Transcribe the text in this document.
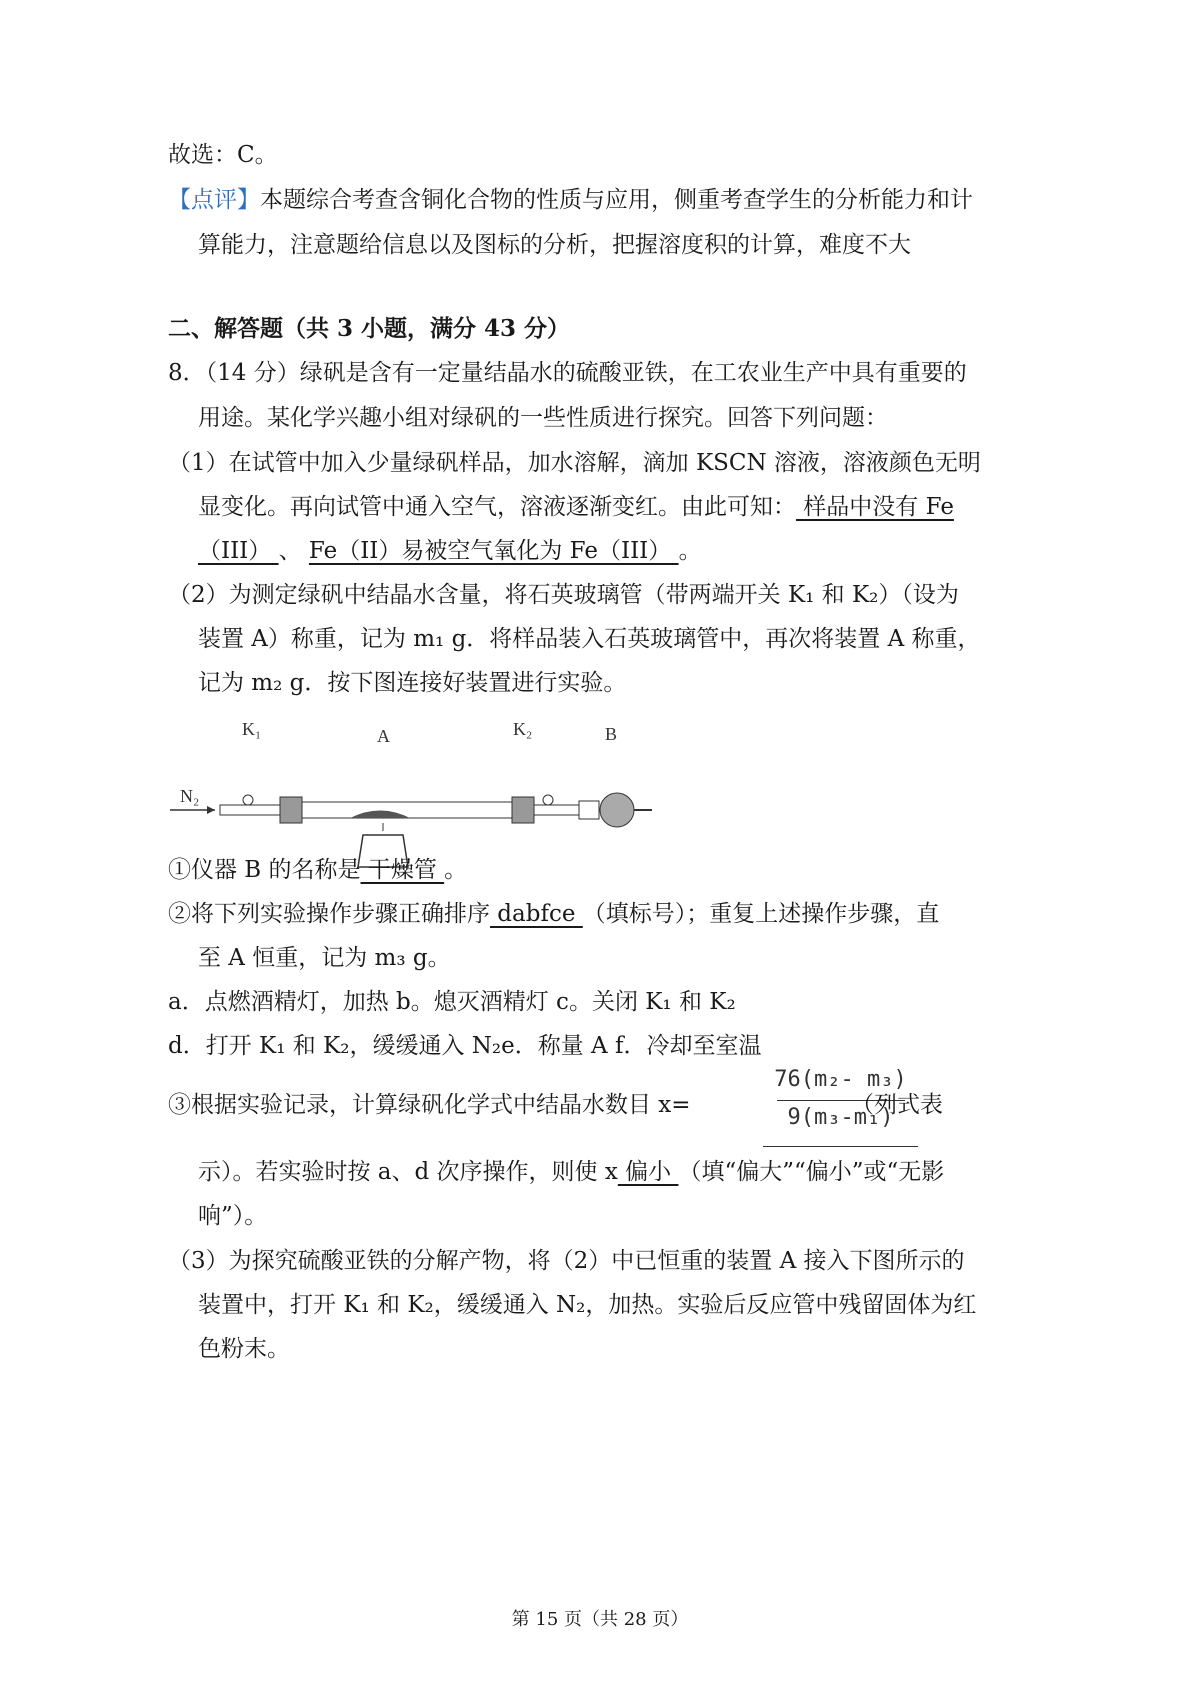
故选：C。
【点评】本题综合考查含铜化合物的性质与应用，侧重考查学生的分析能力和计
算能力，注意题给信息以及图标的分析，把握溶度积的计算，难度不大
二、解答题（共 3 小题，满分 43 分）
8．（14 分）绿矾是含有一定量结晶水的硫酸亚铁，在工农业生产中具有重要的
用途。某化学兴趣小组对绿矾的一些性质进行探究。回答下列问题：
（1）在试管中加入少量绿矾样品，加水溶解，滴加 KSCN 溶液，溶液颜色无明
显变化。再向试管中通入空气，溶液逐渐变红。由此可知： 样品中没有 Fe
（III） 、 Fe（II）易被空气氧化为 Fe（III） 。
（2）为测定绿矾中结晶水含量，将石英玻璃管（带两端开关 K₁ 和 K₂）（设为
装置 A）称重，记为 m₁ g．将样品装入石英玻璃管中，再次将装置 A 称重，
记为 m₂ g．按下图连接好装置进行实验。
N₂
K₁	A	K₂	B
①仪器 B 的名称是 干燥管 。
②将下列实验操作步骤正确排序 dabfce （填标号）；重复上述操作步骤，直
至 A 恒重，记为 m₃ g。
a．点燃酒精灯，加热 b。熄灭酒精灯 c。关闭 K₁ 和 K₂
d．打开 K₁ 和 K₂，缓缓通入 N₂e．称量 A f．冷却至室温
③根据实验记录，计算绿矾化学式中结晶水数目 x=
76(m₂- m₃)
9(m₃-m₁)
（列式表
示）。若实验时按 a、d 次序操作，则使 x 偏小 （填“偏大”“偏小”或“无影
响”）。
（3）为探究硫酸亚铁的分解产物，将（2）中已恒重的装置 A 接入下图所示的
装置中，打开 K₁ 和 K₂，缓缓通入 N₂，加热。实验后反应管中残留固体为红
色粉末。
第 15 页（共 28 页）
